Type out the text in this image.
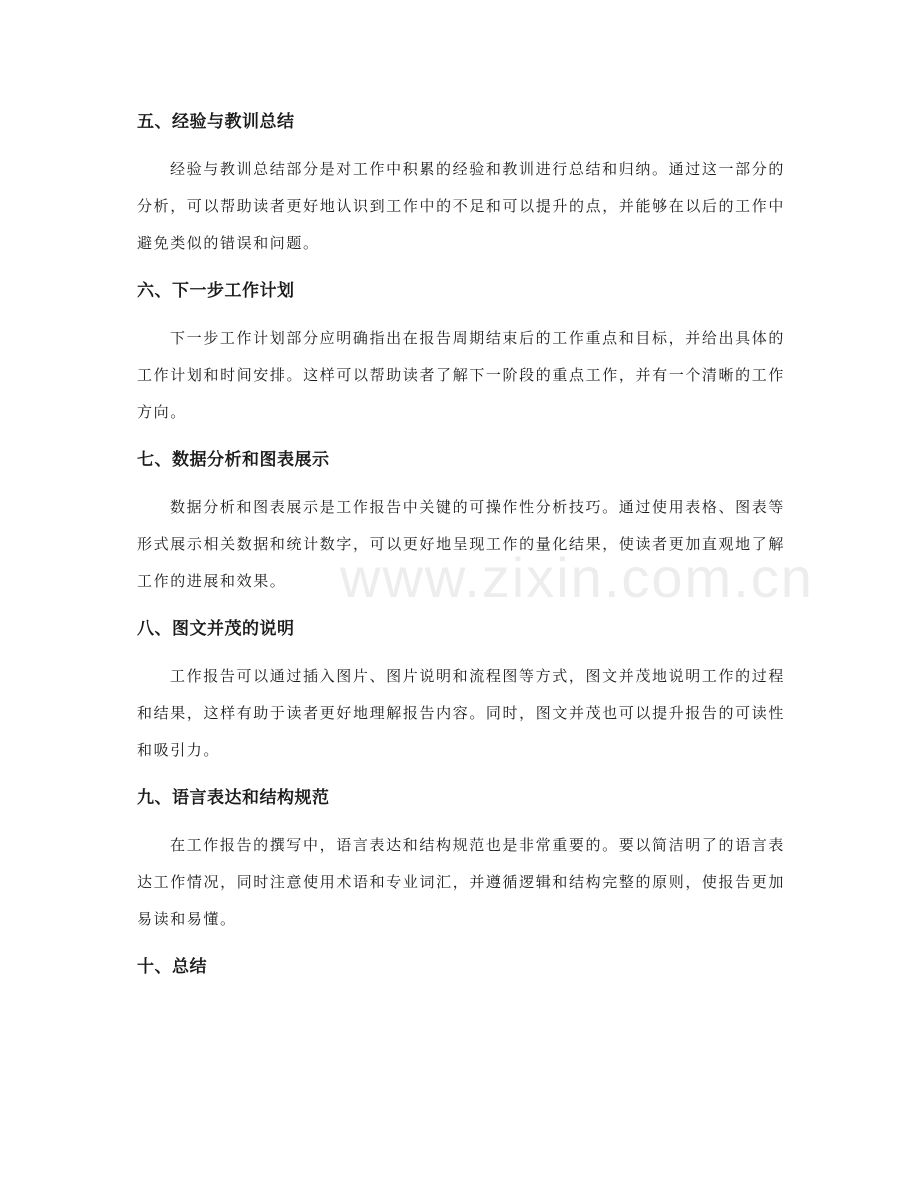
五、经验与教训总结

经验与教训总结部分是对工作中积累的经验和教训进行总结和归纳。通过这一部分的分析，可以帮助读者更好地认识到工作中的不足和可以提升的点，并能够在以后的工作中避免类似的错误和问题。

六、下一步工作计划

下一步工作计划部分应明确指出在报告周期结束后的工作重点和目标，并给出具体的工作计划和时间安排。这样可以帮助读者了解下一阶段的重点工作，并有一个清晰的工作方向。

七、数据分析和图表展示

数据分析和图表展示是工作报告中关键的可操作性分析技巧。通过使用表格、图表等形式展示相关数据和统计数字，可以更好地呈现工作的量化结果，使读者更加直观地了解工作的进展和效果。

八、图文并茂的说明

工作报告可以通过插入图片、图片说明和流程图等方式，图文并茂地说明工作的过程和结果，这样有助于读者更好地理解报告内容。同时，图文并茂也可以提升报告的可读性和吸引力。

九、语言表达和结构规范

在工作报告的撰写中，语言表达和结构规范也是非常重要的。要以简洁明了的语言表达工作情况，同时注意使用术语和专业词汇，并遵循逻辑和结构完整的原则，使报告更加易读和易懂。

十、总结
www.zixin.com.cn
